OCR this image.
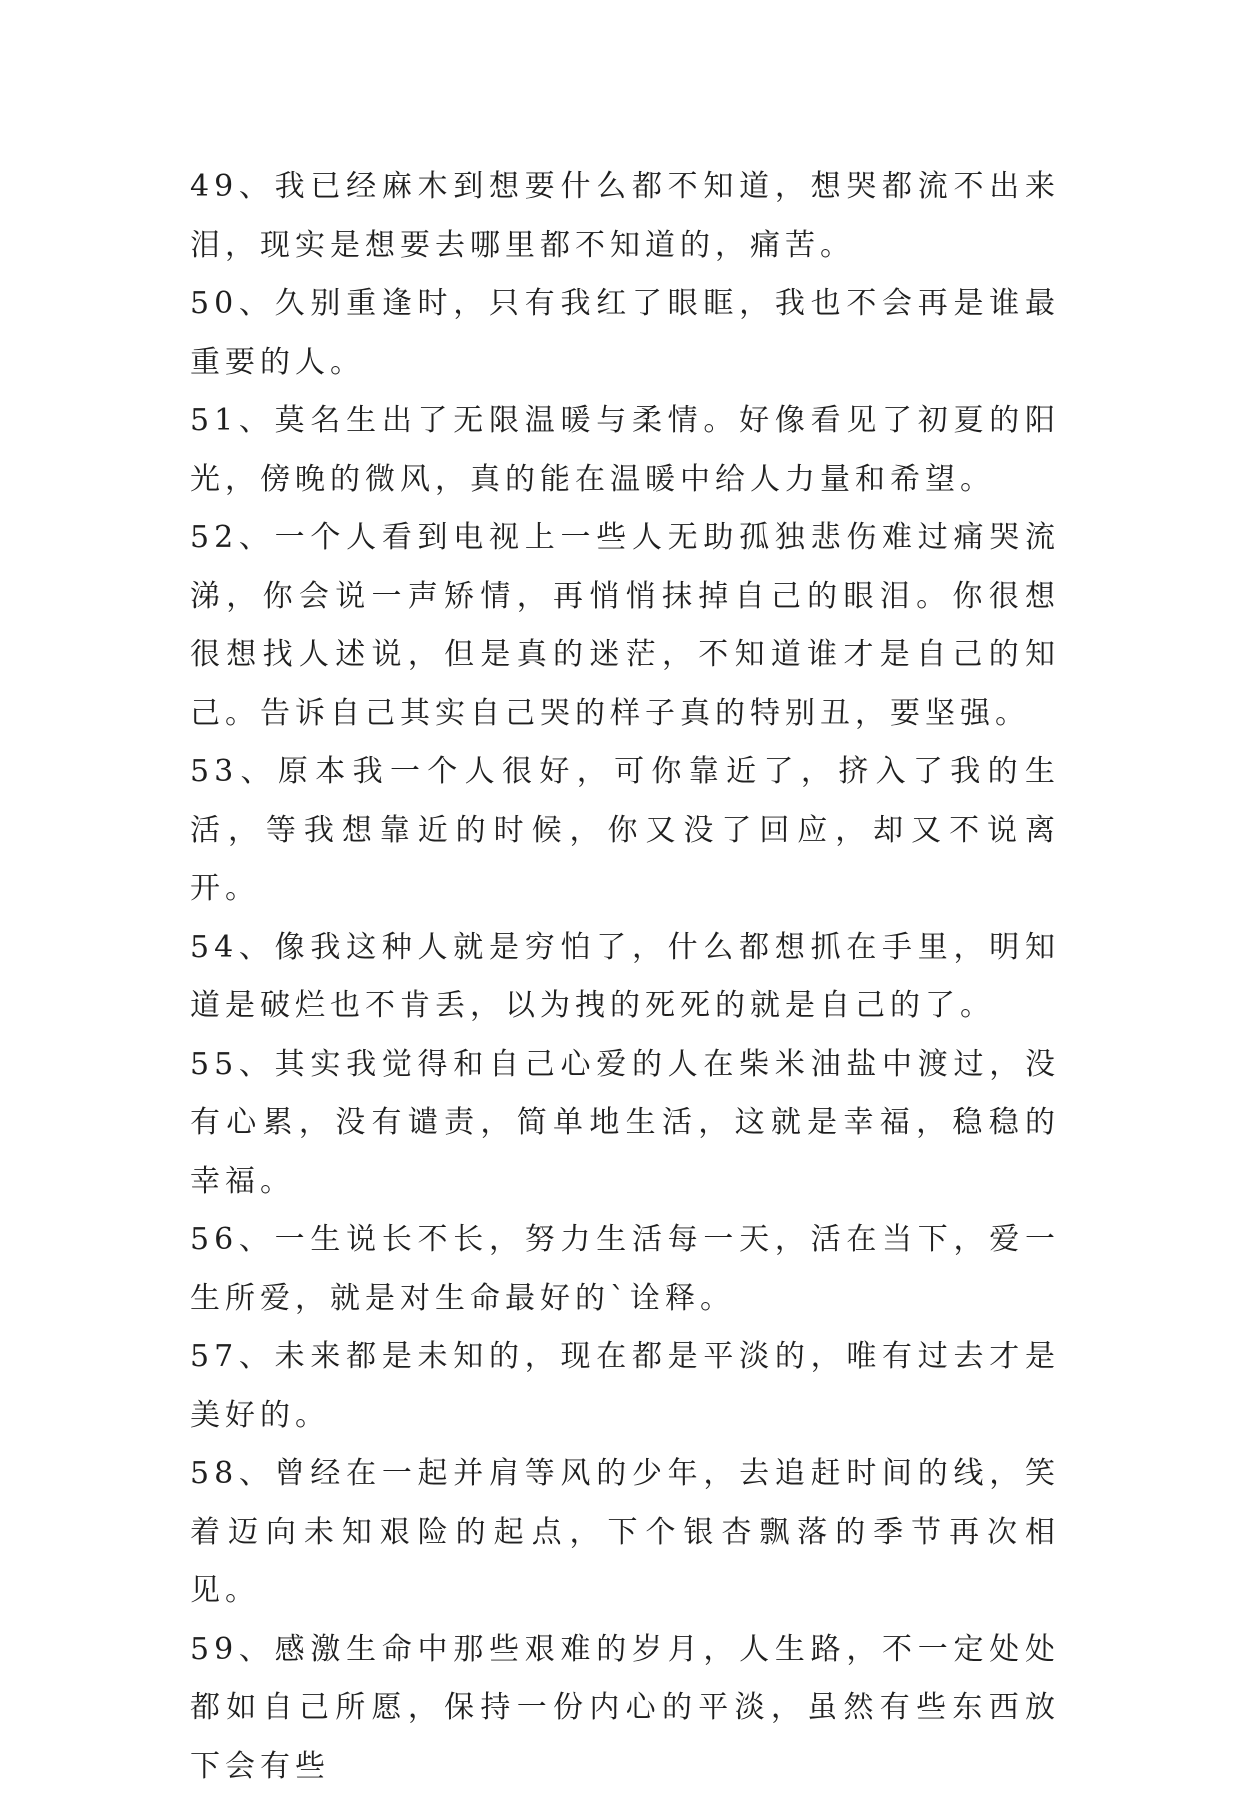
49、我已经麻木到想要什么都不知道，想哭都流不出来泪，现实是想要去哪里都不知道的，痛苦。

50、久别重逢时，只有我红了眼眶，我也不会再是谁最重要的人。

51、莫名生出了无限温暖与柔情。好像看见了初夏的阳光，傍晚的微风，真的能在温暖中给人力量和希望。

52、一个人看到电视上一些人无助孤独悲伤难过痛哭流涕，你会说一声矫情，再悄悄抹掉自己的眼泪。你很想很想找人述说，但是真的迷茫，不知道谁才是自己的知己。告诉自己其实自己哭的样子真的特别丑，要坚强。

53、原本我一个人很好，可你靠近了，挤入了我的生活，等我想靠近的时候，你又没了回应，却又不说离开。

54、像我这种人就是穷怕了，什么都想抓在手里，明知道是破烂也不肯丢，以为拽的死死的就是自己的了。

55、其实我觉得和自己心爱的人在柴米油盐中渡过，没有心累，没有谴责，简单地生活，这就是幸福，稳稳的幸福。

56、一生说长不长，努力生活每一天，活在当下，爱一生所爱，就是对生命最好的`诠释。

57、未来都是未知的，现在都是平淡的，唯有过去才是美好的。

58、曾经在一起并肩等风的少年，去追赶时间的线，笑着迈向未知艰险的起点，下个银杏飘落的季节再次相见。

59、感激生命中那些艰难的岁月，人生路，不一定处处都如自己所愿，保持一份内心的平淡，虽然有些东西放下会有些
